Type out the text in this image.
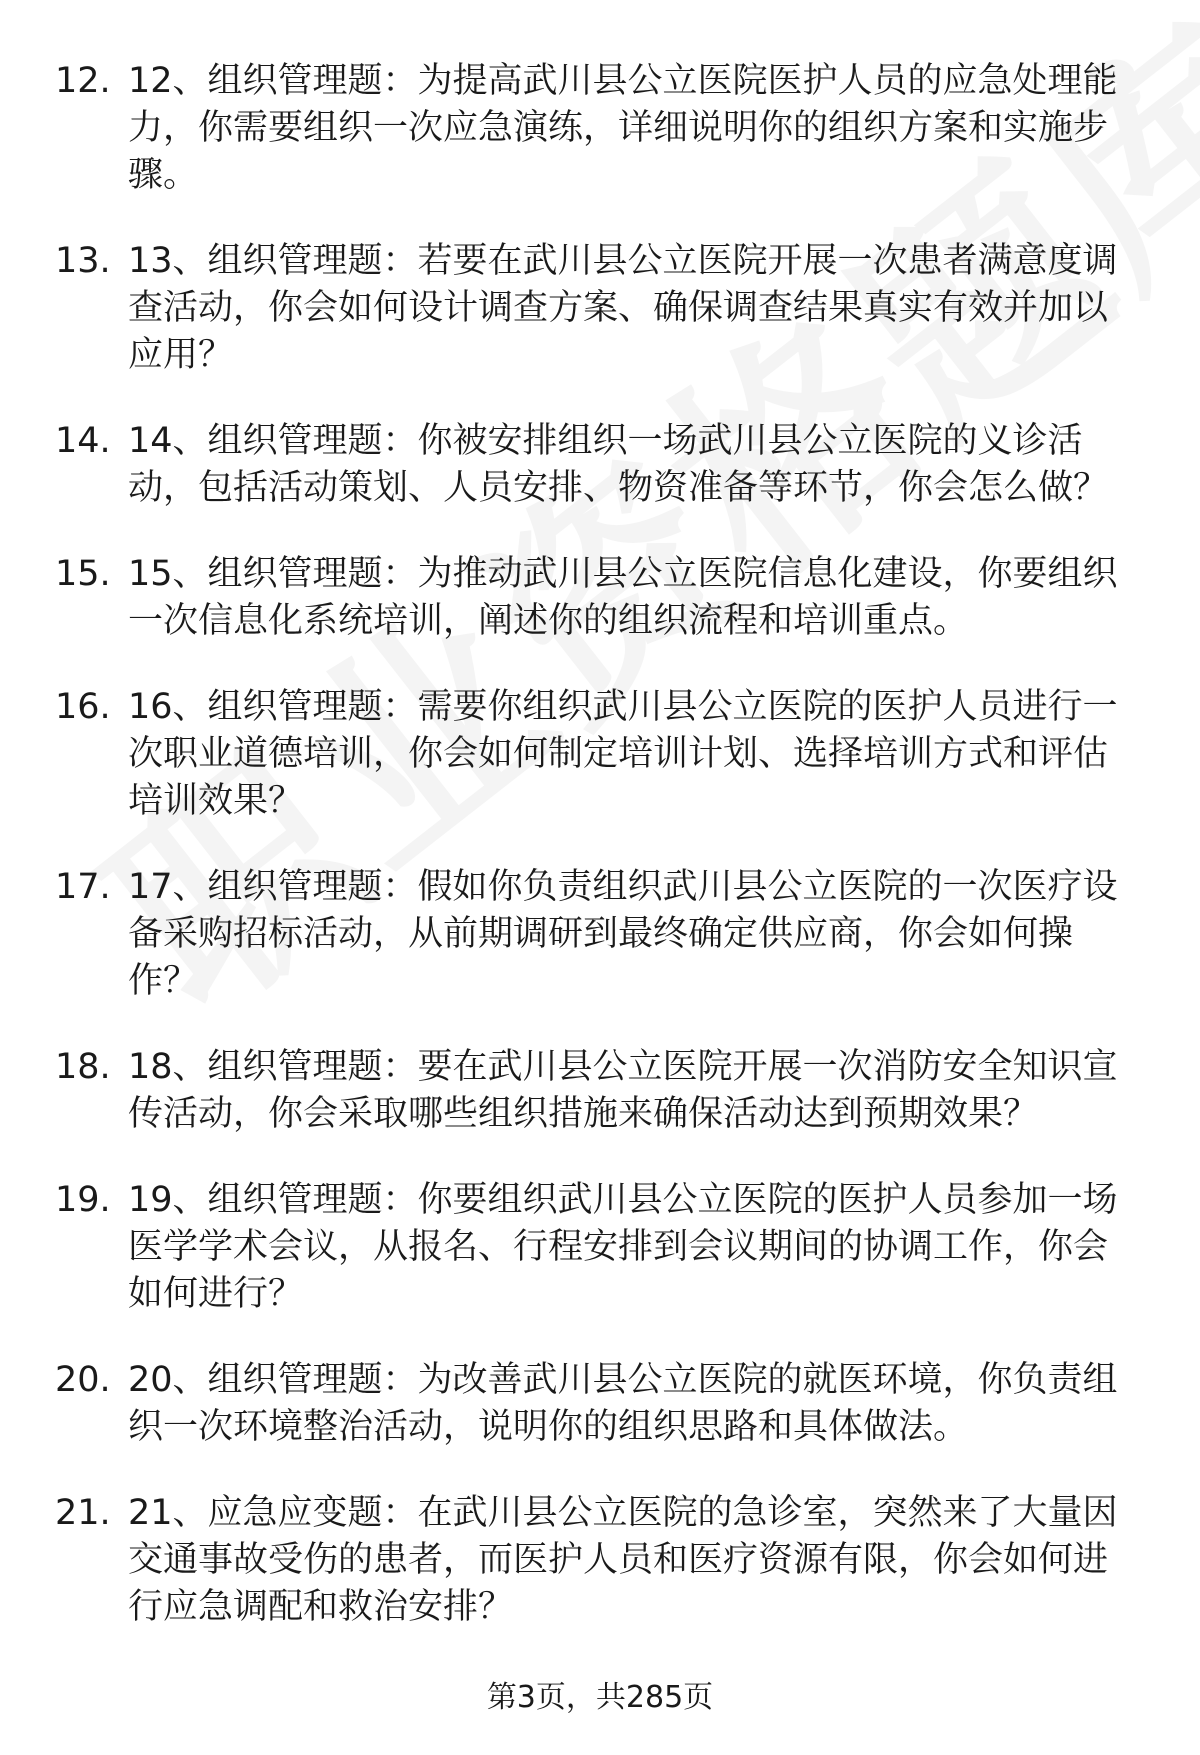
12. 12、组织管理题：为提高武川县公立医院医护人员的应急处理能力，你需要组织一次应急演练，详细说明你的组织方案和实施步骤。
13. 13、组织管理题：若要在武川县公立医院开展一次患者满意度调查活动，你会如何设计调查方案、确保调查结果真实有效并加以应用？
14. 14、组织管理题：你被安排组织一场武川县公立医院的义诊活动，包括活动策划、人员安排、物资准备等环节，你会怎么做？
15. 15、组织管理题：为推动武川县公立医院信息化建设，你要组织一次信息化系统培训，阐述你的组织流程和培训重点。
16. 16、组织管理题：需要你组织武川县公立医院的医护人员进行一次职业道德培训，你会如何制定培训计划、选择培训方式和评估培训效果？
17. 17、组织管理题：假如你负责组织武川县公立医院的一次医疗设备采购招标活动，从前期调研到最终确定供应商，你会如何操作？
18. 18、组织管理题：要在武川县公立医院开展一次消防安全知识宣传活动，你会采取哪些组织措施来确保活动达到预期效果？
19. 19、组织管理题：你要组织武川县公立医院的医护人员参加一场医学学术会议，从报名、行程安排到会议期间的协调工作，你会如何进行？
20. 20、组织管理题：为改善武川县公立医院的就医环境，你负责组织一次环境整治活动，说明你的组织思路和具体做法。
21. 21、应急应变题：在武川县公立医院的急诊室，突然来了大量因交通事故受伤的患者，而医护人员和医疗资源有限，你会如何进行应急调配和救治安排？
第3页，共285页
